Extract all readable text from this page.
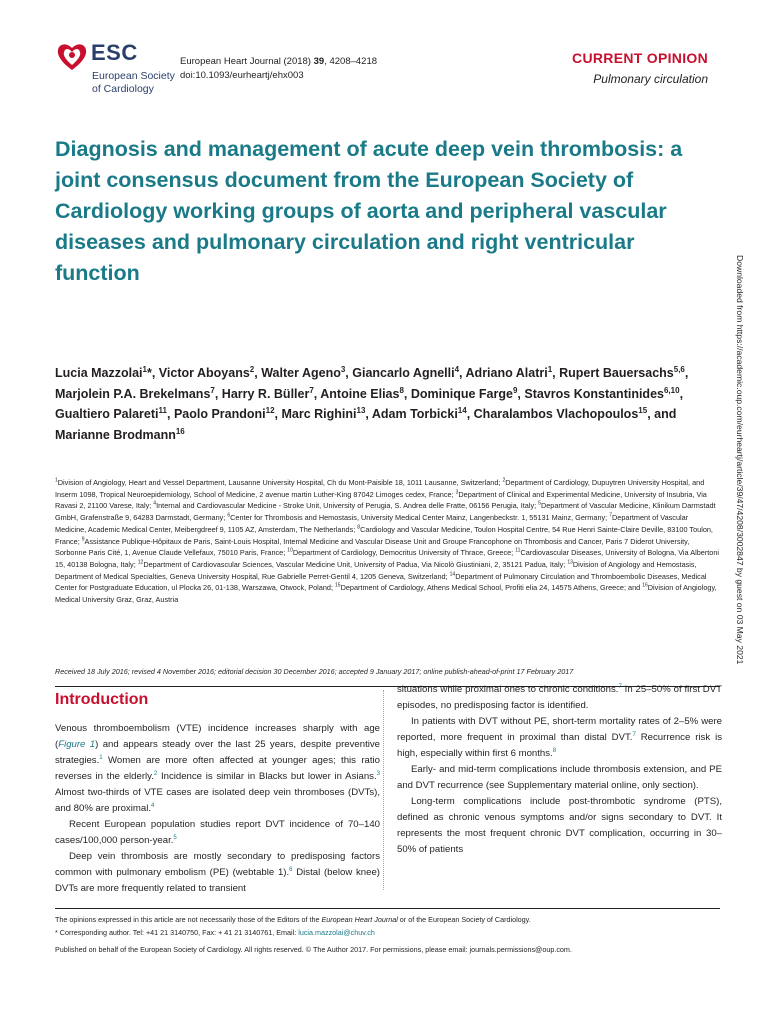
ESC
European Society
of Cardiology
European Heart Journal (2018) 39, 4208–4218
doi:10.1093/eurheartj/ehx003
CURRENT OPINION
Pulmonary circulation
Diagnosis and management of acute deep vein thrombosis: a joint consensus document from the European Society of Cardiology working groups of aorta and peripheral vascular diseases and pulmonary circulation and right ventricular function
Lucia Mazzolai$^1$*, Victor Aboyans$^2$, Walter Ageno$^3$, Giancarlo Agnelli$^4$, Adriano Alatri$^1$, Rupert Bauersachs$^{5,6}$, Marjolein P.A. Brekelmans$^7$, Harry R. Büller$^7$, Antoine Elias$^8$, Dominique Farge$^9$, Stavros Konstantinides$^{6,10}$, Gualtiero Palareti$^{11}$, Paolo Prandoni$^{12}$, Marc Righini$^{13}$, Adam Torbicki$^{14}$, Charalambos Vlachopoulos$^{15}$, and Marianne Brodmann$^{16}$
$^1$Division of Angiology, Heart and Vessel Department, Lausanne University Hospital, Ch du Mont-Paisible 18, 1011 Lausanne, Switzerland; $^2$Department of Cardiology, Dupuytren University Hospital, and Inserm 1098, Tropical Neuroepidemiology, School of Medicine, 2 avenue martin Luther-King 87042 Limoges cedex, France; $^3$Department of Clinical and Experimental Medicine, University of Insubria, Via Ravasi 2, 21100 Varese, Italy; $^4$Internal and Cardiovascular Medicine - Stroke Unit, University of Perugia, S. Andrea delle Fratte, 06156 Perugia, Italy; $^5$Department of Vascular Medicine, Klinikum Darmstadt GmbH, Grafenstraße 9, 64283 Darmstadt, Germany; $^6$Center for Thrombosis and Hemostasis, University Medical Center Mainz, Langenbeckstr. 1, 55131 Mainz, Germany; $^7$Department of Vascular Medicine, Academic Medical Center, Meibergdreef 9, 1105 AZ, Amsterdam, The Netherlands; $^8$Cardiology and Vascular Medicine, Toulon Hospital Centre, 54 Rue Henri Sainte-Claire Deville, 83100 Toulon, France; $^9$Assistance Publique-Hôpitaux de Paris, Saint-Louis Hospital, Internal Medicine and Vascular Disease Unit and Groupe Francophone on Thrombosis and Cancer, Paris 7 Diderot University, Sorbonne Paris Cité, 1, Avenue Claude Vellefaux, 75010 Paris, France; $^{10}$Department of Cardiology, Democritus University of Thrace, Greece; $^{11}$Cardiovascular Diseases, University of Bologna, Via Albertoni 15, 40138 Bologna, Italy; $^{12}$Department of Cardiovascular Sciences, Vascular Medicine Unit, University of Padua, Via Nicolò Giustiniani, 2, 35121 Padua, Italy; $^{13}$Division of Angiology and Hemostasis, Department of Medical Specialties, Geneva University Hospital, Rue Gabrielle Perret-Gentil 4, 1205 Geneva, Switzerland; $^{14}$Department of Pulmonary Circulation and Thromboembolic Diseases, Medical Center for Postgraduate Education, ul Plocka 26, 01-138, Warszawa, Otwock, Poland; $^{15}$Department of Cardiology, Athens Medical School, Profiti elia 24, 14575 Athens, Greece; and $^{16}$Division of Angiology, Medical University Graz, Graz, Austria
Received 18 July 2016; revised 4 November 2016; editorial decision 30 December 2016; accepted 9 January 2017; online publish-ahead-of-print 17 February 2017
Introduction

Venous thromboembolism (VTE) incidence increases sharply with age (Figure 1) and appears steady over the last 25 years, despite preventive strategies.$^1$ Women are more often affected at younger ages; this ratio reverses in the elderly.$^2$ Incidence is similar in Blacks but lower in Asians.$^3$ Almost two-thirds of VTE cases are isolated deep vein thromboses (DVTs), and 80% are proximal.$^4$

Recent European population studies report DVT incidence of 70–140 cases/100,000 person-year.$^5$

Deep vein thrombosis are mostly secondary to predisposing factors common with pulmonary embolism (PE) (webtable 1).$^6$ Distal (below knee) DVTs are more frequently related to transient

situations while proximal ones to chronic conditions.$^7$ In 25–50% of first DVT episodes, no predisposing factor is identified.

In patients with DVT without PE, short-term mortality rates of 2–5% were reported, more frequent in proximal than distal DVT.$^7$ Recurrence risk is high, especially within first 6 months.$^8$

Early- and mid-term complications include thrombosis extension, and PE and DVT recurrence (see Supplementary material online, only section).

Long-term complications include post-thrombotic syndrome (PTS), defined as chronic venous symptoms and/or signs secondary to DVT. It represents the most frequent chronic DVT complication, occurring in 30–50% of patients

The opinions expressed in this article are not necessarily those of the Editors of the European Heart Journal or of the European Society of Cardiology.
* Corresponding author. Tel: +41 21 3140750, Fax: + 41 21 3140761, Email: lucia.mazzolai@chuv.ch
Published on behalf of the European Society of Cardiology. All rights reserved. © The Author 2017. For permissions, please email: journals.permissions@oup.com.
Downloaded from https://academic.oup.com/eurheartj/article/39/47/4208/3002847 by guest on 03 May 2021
